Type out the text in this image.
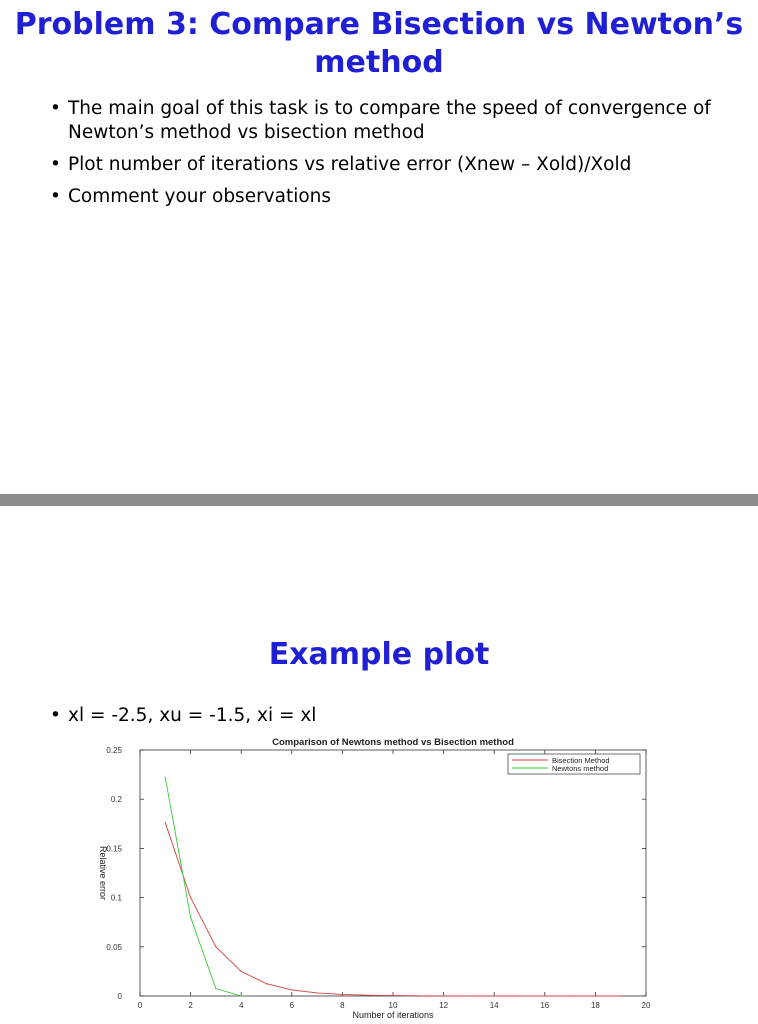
Problem 3: Compare Bisection vs Newton’s method
• The main goal of this task is to compare the speed of convergence of Newton’s method vs bisection method
• Plot number of iterations vs relative error (Xnew – Xold)/Xold
• Comment your observations
Example plot
• xl = -2.5, xu = -1.5, xi = xl
0	2	4	6	8	10	12	14	16	18	20
0
0.05
0.1
0.15
0.2
0.25
Comparison of Newtons method vs Bisection method
Number of iterations
Relative error
Bisection Method
Newtons method
